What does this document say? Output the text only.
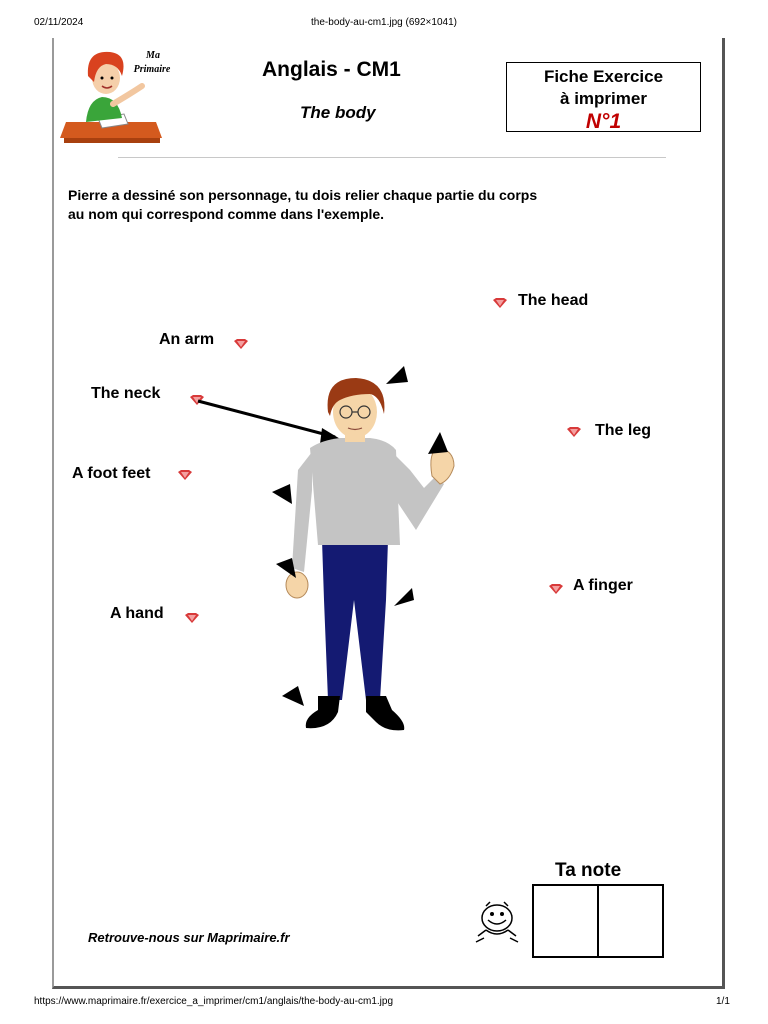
02/11/2024	the-body-au-cm1.jpg (692×1041)
Ma
Primaire	Anglais - CM1
The body
Fiche Exercice
à imprimer
N°1
Pierre a dessiné son personnage, tu dois relier chaque partie du corps
au nom qui correspond comme dans l'exemple.
The head
An arm
The neck
The leg
A foot feet
A finger
A hand
Ta note
Retrouve-nous sur Maprimaire.fr
https://www.maprimaire.fr/exercice_a_imprimer/cm1/anglais/the-body-au-cm1.jpg	1/1
